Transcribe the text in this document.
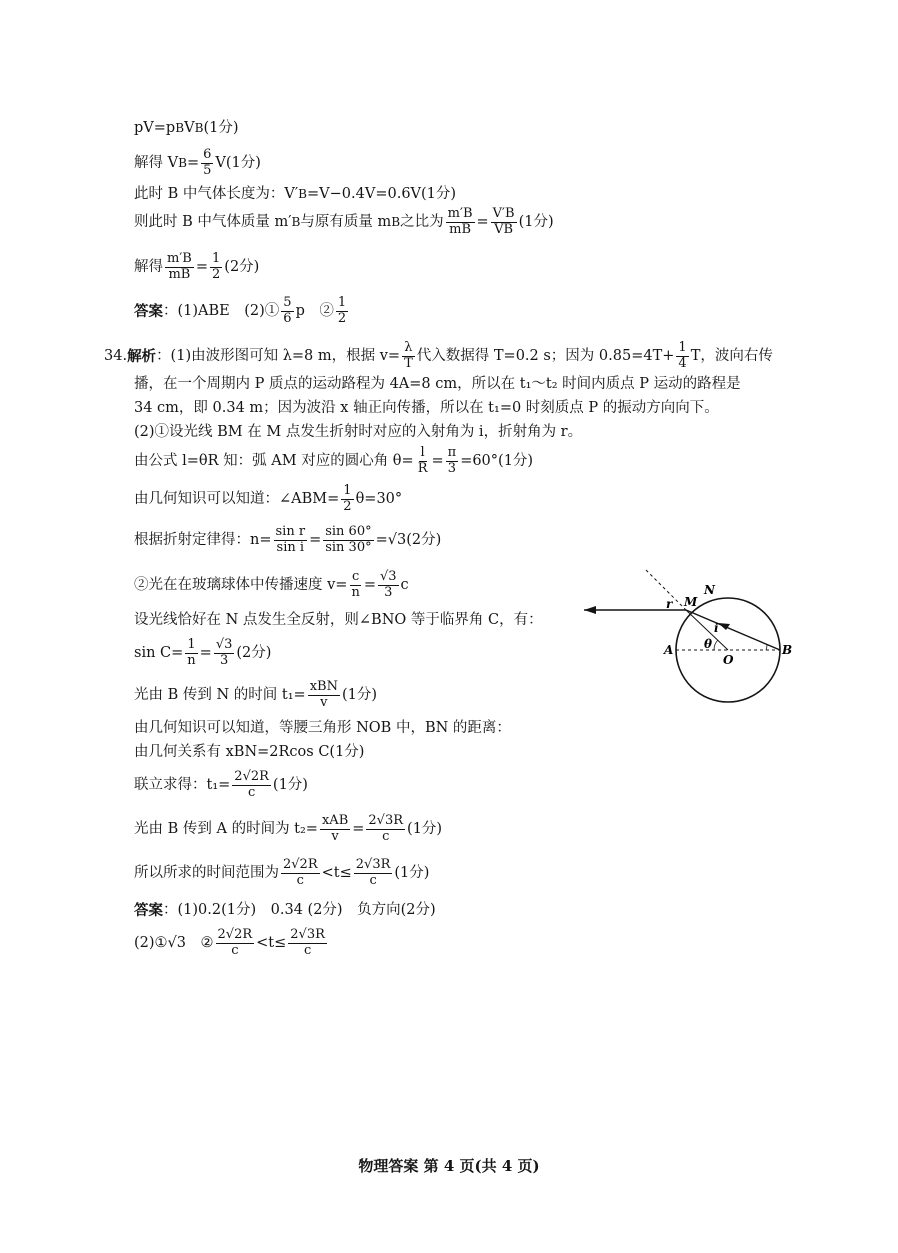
pV=p B V B (1分)
解得 V $B = \frac{6}{5} V(1$分)
此时 B 中气体长度为：V′ B =V−0.4V=0.6V(1分)
则此时 B 中气体质量 m′ B 与原有质量 m B 之比为 $\frac{m'B}{mB} = \frac{V'B}{VB} (1$分)
解得 $\frac{m'B}{mB} = \frac{1}{2} (2$分)
答案 ：(1)ABE　(2)① $\frac{5}{6}$ p　② $\frac{1}{2}$
34. 解析 ：(1)由波形图可知 λ=8 m，根据 $v= \frac{\lambda}{T}$ 代入数据得 T=0.2 s；因为 $0.85=4T+ \frac{1}{4}$ T，波向右传
播，在一个周期内 P 质点的运动路程为 4A=8 cm，所以在 t₁～t₂ 时间内质点 P 运动的路程是
34 cm，即 0.34 m；因为波沿 x 轴正向传播，所以在 t₁=0 时刻质点 P 的振动方向向下。
(2)①设光线 BM 在 M 点发生折射时对应的入射角为 i，折射角为 r。
由公式 l=θR 知：弧 AM 对应的圆心角 $\theta= \frac{l}{R} = \frac{\pi}{3} =60^\circ(1$分)
由几何知识可以知道：∠ABM= $\frac{1}{2} \theta=30^\circ$
根据折射定律得：$n= \frac{\text{sin r}}{\text{sin i}} = \frac{\sin 60^\circ}{\sin 30^\circ} =√3(2$分)
②光在在玻璃球体中传播速度 $v= \frac{c}{n} = \frac{√3}{3}$ c
设光线恰好在 N 点发生全反射，则∠BNO 等于临界角 C，有：
$\sin C= \frac{1}{n} = \frac{√3}{3} (2$分)
光由 B 传到 N 的时间 $t_1= \frac{\text{xBN}}{v} (1$分)
由几何知识可以知道，等腰三角形 NOB 中，BN 的距离：
由几何关系有 xBN=2Rcos C(1分)
联立求得：$t_1= \frac{2√2R}{c} (1$分)
光由 B 传到 A 的时间为 $t_2= \frac{\text{xAB}}{v} = \frac{2√3R}{c} (1$分)
所以所求的时间范围为 $\frac{2√2R}{c} <t\le \frac{2√3R}{c} (1$分)
答案 ：(1)0.2(1分)　0.34 (2分)　负方向(2分)
(2)①√3　② $\frac{2√2R}{c} <t\le \frac{2√3R}{c}$
N
M
r
i
θ
A
O
B
物理答案 第 4 页(共 4 页)
